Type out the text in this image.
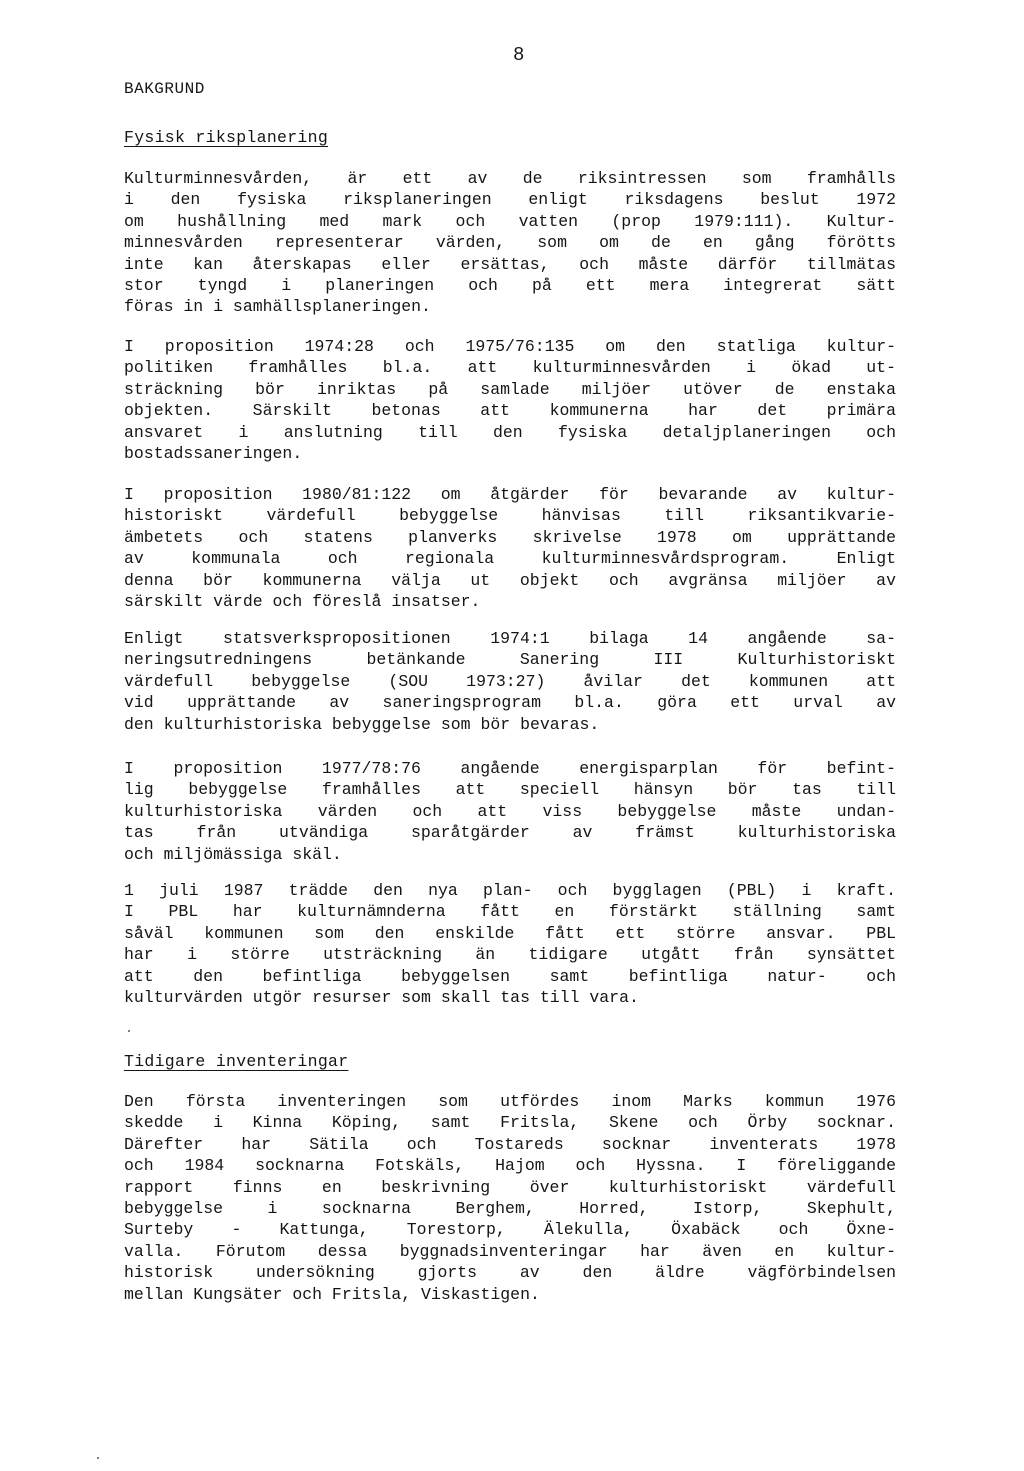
8
BAKGRUND
Fysisk riksplanering
Kulturminnesvården, är ett av de riksintressen som framhålls
i den fysiska riksplaneringen enligt riksdagens beslut 1972
om hushållning med mark och vatten (prop 1979:111). Kultur-
minnesvården representerar värden, som om de en gång förötts
inte kan återskapas eller ersättas, och måste därför tillmätas
stor tyngd i planeringen och på ett mera integrerat sätt
föras in i samhällsplaneringen.
I proposition 1974:28 och 1975/76:135 om den statliga kultur-
politiken framhålles bl.a. att kulturminnesvården i ökad ut-
sträckning bör inriktas på samlade miljöer utöver de enstaka
objekten. Särskilt betonas att kommunerna har det primära
ansvaret i anslutning till den fysiska detaljplaneringen och
bostadssaneringen.
I proposition 1980/81:122 om åtgärder för bevarande av kultur-
historiskt värdefull bebyggelse hänvisas till riksantikvarie-
ämbetets och statens planverks skrivelse 1978 om upprättande
av kommunala och regionala kulturminnesvårdsprogram. Enligt
denna bör kommunerna välja ut objekt och avgränsa miljöer av
särskilt värde och föreslå insatser.
Enligt statsverkspropositionen 1974:1 bilaga 14 angående sa-
neringsutredningens betänkande Sanering III Kulturhistoriskt
värdefull bebyggelse (SOU 1973:27) åvilar det kommunen att
vid upprättande av saneringsprogram bl.a. göra ett urval av
den kulturhistoriska bebyggelse som bör bevaras.
I proposition 1977/78:76 angående energisparplan för befint-
lig bebyggelse framhålles att speciell hänsyn bör tas till
kulturhistoriska värden och att viss bebyggelse måste undan-
tas från utvändiga sparåtgärder av främst kulturhistoriska
och miljömässiga skäl.
1 juli 1987 trädde den nya plan- och bygglagen (PBL) i kraft.
I PBL har kulturnämnderna fått en förstärkt ställning samt
såväl kommunen som den enskilde fått ett större ansvar. PBL
har i större utsträckning än tidigare utgått från synsättet
att den befintliga bebyggelsen samt befintliga natur- och
kulturvärden utgör resurser som skall tas till vara.
Tidigare inventeringar
Den första inventeringen som utfördes inom Marks kommun 1976
skedde i Kinna Köping, samt Fritsla, Skene och Örby socknar.
Därefter har Sätila och Tostareds socknar inventerats 1978
och 1984 socknarna Fotskäls, Hajom och Hyssna. I föreliggande
rapport finns en beskrivning över kulturhistoriskt värdefull
bebyggelse i socknarna Berghem, Horred, Istorp, Skephult,
Surteby - Kattunga, Torestorp, Älekulla, Öxabäck och Öxne-
valla. Förutom dessa byggnadsinventeringar har även en kultur-
historisk undersökning gjorts av den äldre vägförbindelsen
mellan Kungsäter och Fritsla, Viskastigen.
